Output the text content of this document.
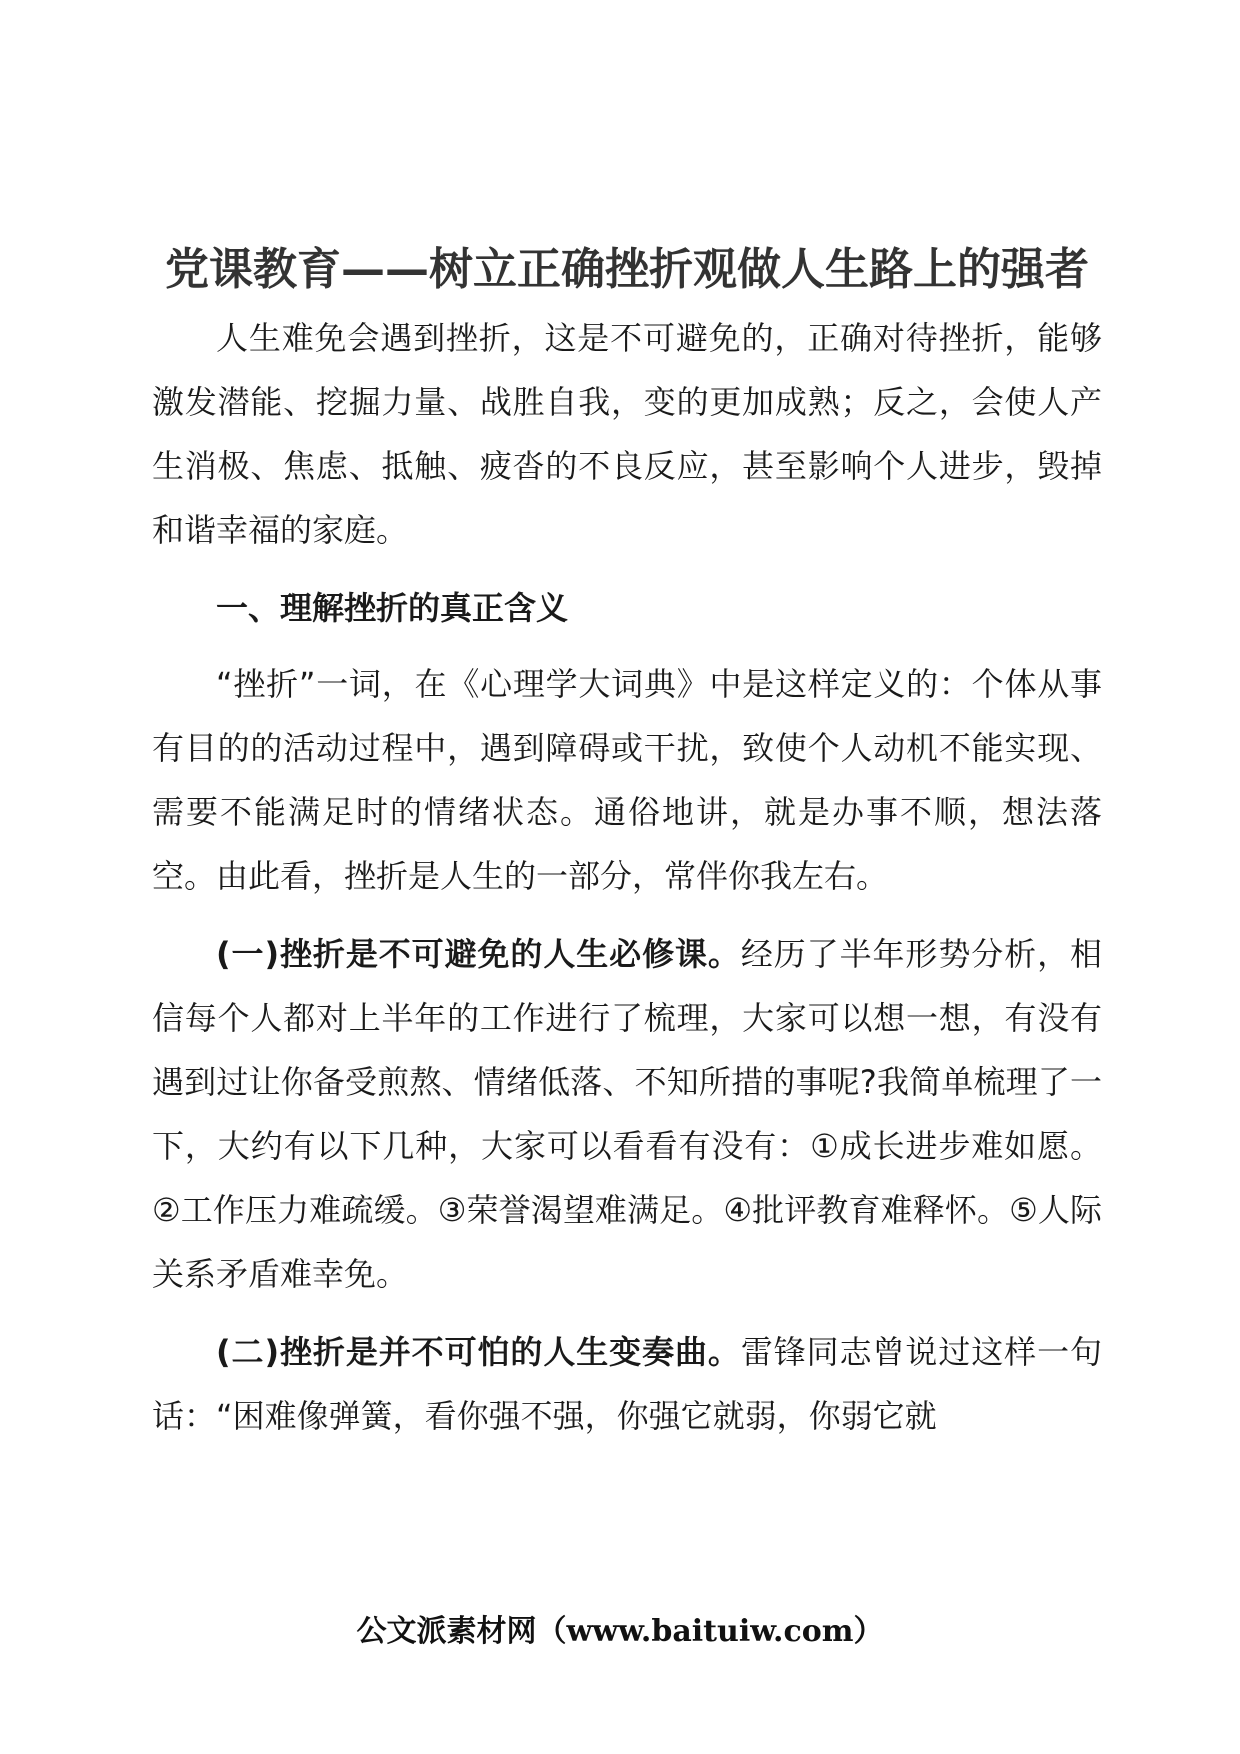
党课教育——树立正确挫折观做人生路上的强者

人生难免会遇到挫折，这是不可避免的，正确对待挫折，能够激发潜能、挖掘力量、战胜自我，变的更加成熟；反之，会使人产生消极、焦虑、抵触、疲沓的不良反应，甚至影响个人进步，毁掉和谐幸福的家庭。

一、理解挫折的真正含义

“挫折”一词，在《心理学大词典》中是这样定义的：个体从事有目的的活动过程中，遇到障碍或干扰，致使个人动机不能实现、需要不能满足时的情绪状态。通俗地讲，就是办事不顺，想法落空。由此看，挫折是人生的一部分，常伴你我左右。

(一)挫折是不可避免的人生必修课。经历了半年形势分析，相信每个人都对上半年的工作进行了梳理，大家可以想一想，有没有遇到过让你备受煎熬、情绪低落、不知所措的事呢?我简单梳理了一下，大约有以下几种，大家可以看看有没有：①成长进步难如愿。②工作压力难疏缓。③荣誉渴望难满足。④批评教育难释怀。⑤人际关系矛盾难幸免。

(二)挫折是并不可怕的人生变奏曲。雷锋同志曾说过这样一句话：“困难像弹簧，看你强不强，你强它就弱，你弱它就

公文派素材网（www.baituiw.com）
